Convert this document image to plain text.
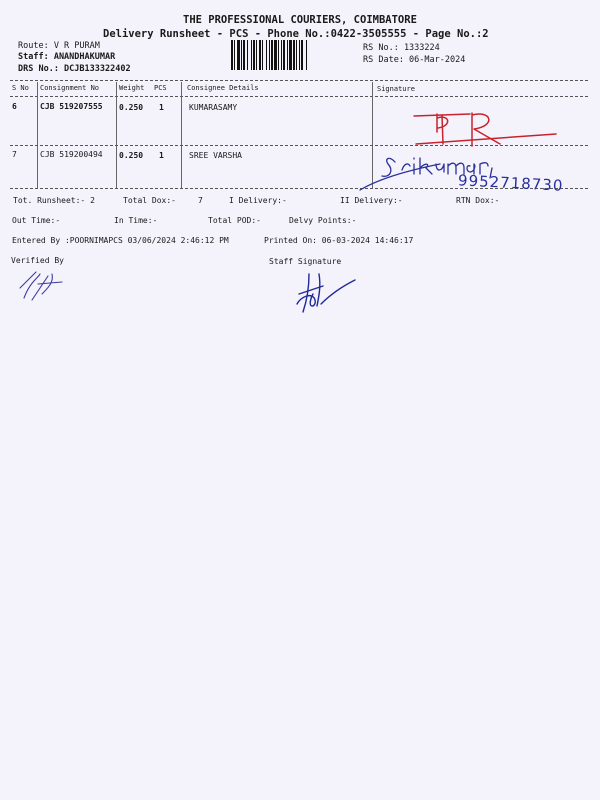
THE PROFESSIONAL COURIERS, COIMBATORE
Delivery Runsheet - PCS - Phone No.:0422-3505555 - Page No.:2
Route: V R PURAM
Staff: ANANDHAKUMAR
DRS No.: DCJB133322402
RS No.: 1333224
RS Date: 06-Mar-2024
S No Consignment No	Weight PCS	Consignee Details	Signature
6	CJB 519207555 0.250 1	KUMARASAMY
7	CJB 519200494 0.250 1	SREE VARSHA
Tot. Runsheet:- 2	Total Dox:-	7	I Delivery:-	II Delivery:-	RTN Dox:-
Out Time:-	In Time:-	Total POD:-	Delvy Points:-
Entered By :POORNIMAPCS 03/06/2024 2:46:12 PM	Printed On: 06-03-2024 14:46:17
Verified By	Staff Signature
9952718730
